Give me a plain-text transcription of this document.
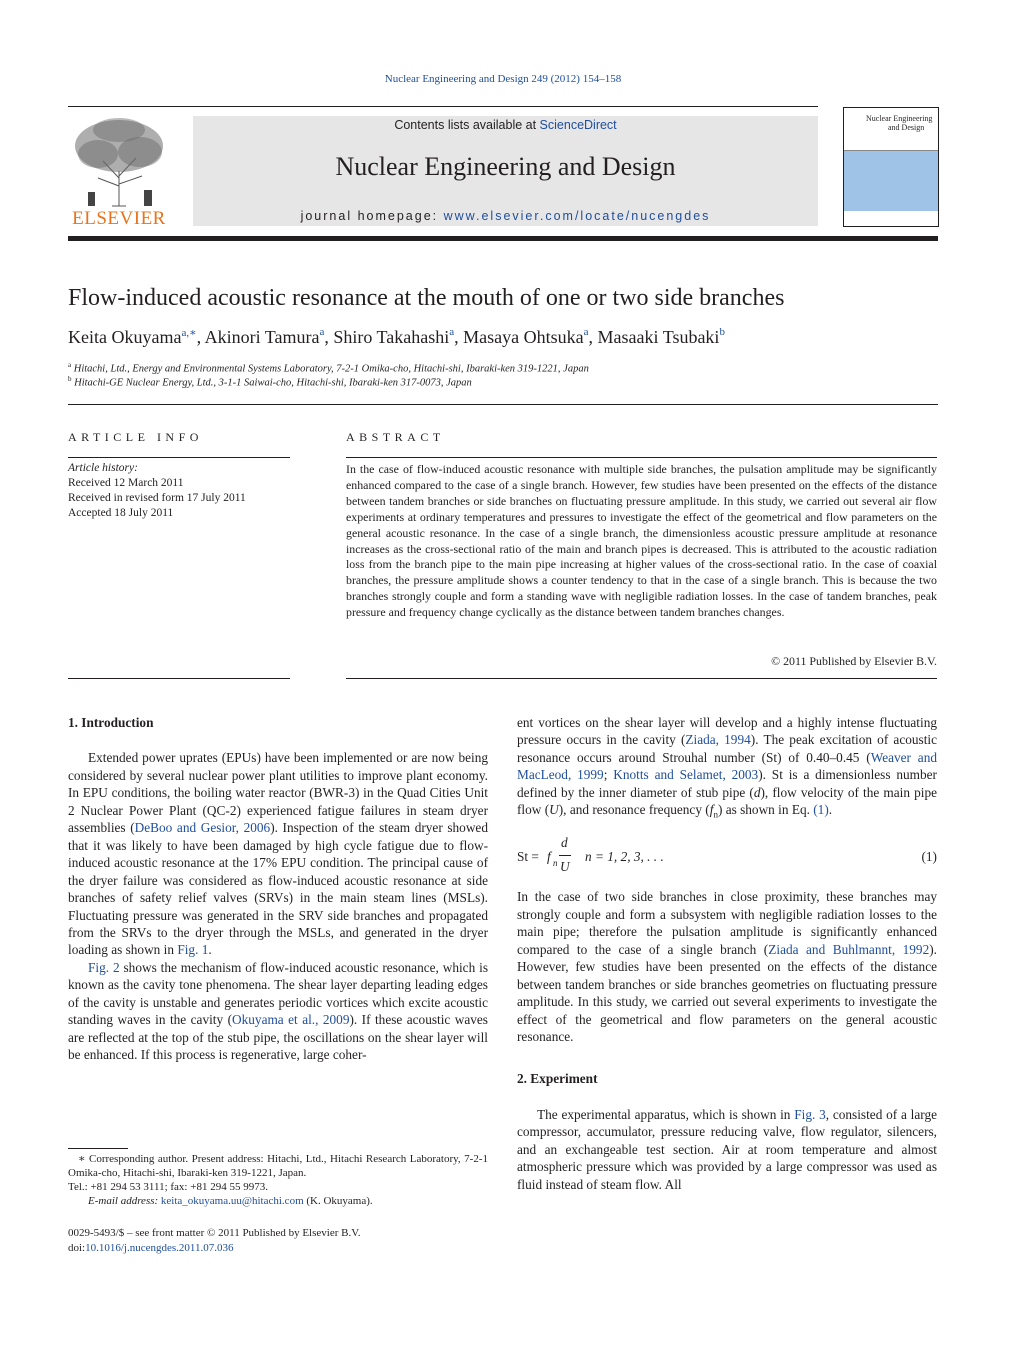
Nuclear Engineering and Design 249 (2012) 154–158
ELSEVIER
Contents lists available at ScienceDirect
Nuclear Engineering and Design
journal homepage: www.elsevier.com/locate/nucengdes
Nuclear Engineering
and Design
Flow-induced acoustic resonance at the mouth of one or two side branches
Keita Okuyama$^{a,∗}$, Akinori Tamura$^a$, Shiro Takahashi$^a$, Masaya Ohtsuka$^a$, Masaaki Tsubaki$^b$
$^a$ Hitachi, Ltd., Energy and Environmental Systems Laboratory, 7-2-1 Omika-cho, Hitachi-shi, Ibaraki-ken 319-1221, Japan
$^b$ Hitachi-GE Nuclear Energy, Ltd., 3-1-1 Saiwai-cho, Hitachi-shi, Ibaraki-ken 317-0073, Japan
ARTICLE INFO
Article history:
Received 12 March 2011
Received in revised form 17 July 2011
Accepted 18 July 2011
ABSTRACT
In the case of flow-induced acoustic resonance with multiple side branches, the pulsation amplitude may be significantly enhanced compared to the case of a single branch. However, few studies have been presented on the effects of the distance between tandem branches or side branches on fluctuating pressure amplitude. In this study, we carried out several air flow experiments at ordinary temperatures and pressures to investigate the effect of the geometrical and flow parameters on the general acoustic resonance. In the case of a single branch, the dimensionless acoustic pressure amplitude at resonance increases as the cross-sectional ratio of the main and branch pipes is decreased. This is attributed to the acoustic radiation loss from the branch pipe to the main pipe increasing at higher values of the cross-sectional ratio. In the case of coaxial branches, the pressure amplitude shows a counter tendency to that in the case of a single branch. This is because the two branches strongly couple and form a standing wave with negligible radiation losses. In the case of tandem branches, peak pressure and frequency change cyclically as the distance between tandem branches changes.
© 2011 Published by Elsevier B.V.
1. Introduction

Extended power uprates (EPUs) have been implemented or are now being considered by several nuclear power plant utilities to improve plant economy. In EPU conditions, the boiling water reactor (BWR-3) in the Quad Cities Unit 2 Nuclear Power Plant (QC-2) experienced fatigue failures in steam dryer assemblies (DeBoo and Gesior, 2006). Inspection of the steam dryer showed that it was likely to have been damaged by high cycle fatigue due to flow-induced acoustic resonance at the 17% EPU condition. The principal cause of the dryer failure was considered as flow-induced acoustic resonance at side branches of safety relief valves (SRVs) in the main steam lines (MSLs). Fluctuating pressure was generated in the SRV side branches and propagated from the SRVs to the dryer through the MSLs, and generated in the dryer loading as shown in Fig. 1.

Fig. 2 shows the mechanism of flow-induced acoustic resonance, which is known as the cavity tone phenomena. The shear layer departing leading edges of the cavity is unstable and generates periodic vortices which excite acoustic standing waves in the cavity (Okuyama et al., 2009). If these acoustic waves are reflected at the top of the stub pipe, the oscillations on the shear layer will be enhanced. If this process is regenerative, large coher-

ent vortices on the shear layer will develop and a highly intense fluctuating pressure occurs in the cavity (Ziada, 1994). The peak excitation of acoustic resonance occurs around Strouhal number (St) of 0.40–0.45 (Weaver and MacLeod, 1999; Knotts and Selamet, 2003). St is a dimensionless number defined by the inner diameter of stub pipe (d), flow velocity of the main pipe flow (U), and resonance frequency $(f_n)$ as shown in Eq. (1).

St = f n
d
U
n = 1, 2, 3, . . .	(1)

In the case of two side branches in close proximity, these branches may strongly couple and form a subsystem with negligible radiation losses to the main pipe; therefore the pulsation amplitude is significantly enhanced compared to the case of a single branch (Ziada and Buhlmannt, 1992). However, few studies have been presented on the effects of the distance between tandem branches or side branches geometries on fluctuating pressure amplitude. In this study, we carried out several experiments to investigate the effect of the geometrical and flow parameters on the general acoustic resonance.

2. Experiment

The experimental apparatus, which is shown in Fig. 3, consisted of a large compressor, accumulator, pressure reducing valve, flow regulator, silencers, and an exchangeable test section. Air at room temperature and almost atmospheric pressure which was provided by a large compressor was used as fluid instead of steam flow. All

∗ Corresponding author. Present address: Hitachi, Ltd., Hitachi Research Laboratory, 7-2-1 Omika-cho, Hitachi-shi, Ibaraki-ken 319-1221, Japan.
Tel.: +81 294 53 3111; fax: +81 294 55 9973.
E-mail address: keita_okuyama.uu@hitachi.com (K. Okuyama).
0029-5493/$ – see front matter © 2011 Published by Elsevier B.V.
doi:10.1016/j.nucengdes.2011.07.036
